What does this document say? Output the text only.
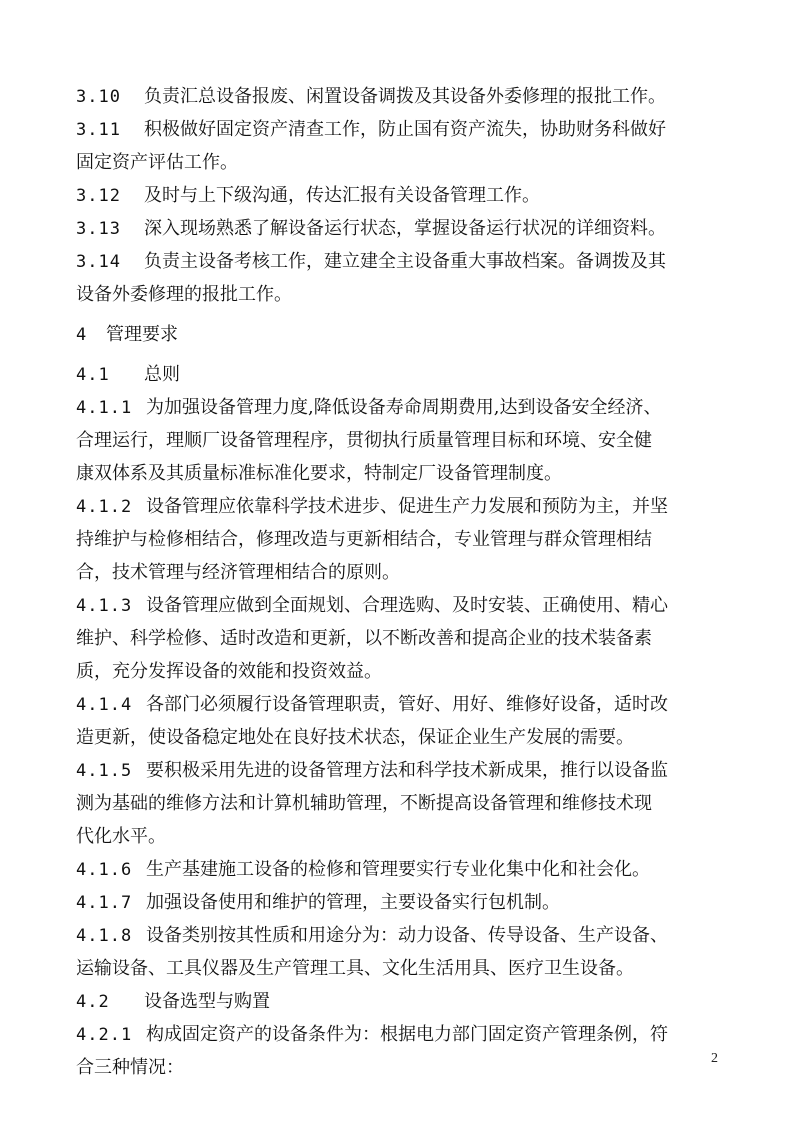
3.10 负责汇总设备报废、闲置设备调拨及其设备外委修理的报批工作。
3.11 积极做好固定资产清查工作，防止国有资产流失，协助财务科做好
固定资产评估工作。
3.12 及时与上下级沟通，传达汇报有关设备管理工作。
3.13 深入现场熟悉了解设备运行状态，掌握设备运行状况的详细资料。
3.14 负责主设备考核工作，建立建全主设备重大事故档案。备调拨及其
设备外委修理的报批工作。
4 管理要求
4.1 总则
4.1.1 为加强设备管理力度,降低设备寿命周期费用,达到设备安全经济、
合理运行，理顺厂设备管理程序，贯彻执行质量管理目标和环境、安全健
康双体系及其质量标准标准化要求，特制定厂设备管理制度。
4.1.2 设备管理应依靠科学技术进步、促进生产力发展和预防为主，并坚
持维护与检修相结合，修理改造与更新相结合，专业管理与群众管理相结
合，技术管理与经济管理相结合的原则。
4.1.3 设备管理应做到全面规划、合理选购、及时安装、正确使用、精心
维护、科学检修、适时改造和更新，以不断改善和提高企业的技术装备素
质，充分发挥设备的效能和投资效益。
4.1.4 各部门必须履行设备管理职责，管好、用好、维修好设备，适时改
造更新，使设备稳定地处在良好技术状态，保证企业生产发展的需要。
4.1.5 要积极采用先进的设备管理方法和科学技术新成果，推行以设备监
测为基础的维修方法和计算机辅助管理，不断提高设备管理和维修技术现
代化水平。
4.1.6 生产基建施工设备的检修和管理要实行专业化集中化和社会化。
4.1.7 加强设备使用和维护的管理，主要设备实行包机制。
4.1.8 设备类别按其性质和用途分为：动力设备、传导设备、生产设备、
运输设备、工具仪器及生产管理工具、文化生活用具、医疗卫生设备。
4.2 设备选型与购置
4.2.1 构成固定资产的设备条件为：根据电力部门固定资产管理条例，符
合三种情况：	2
